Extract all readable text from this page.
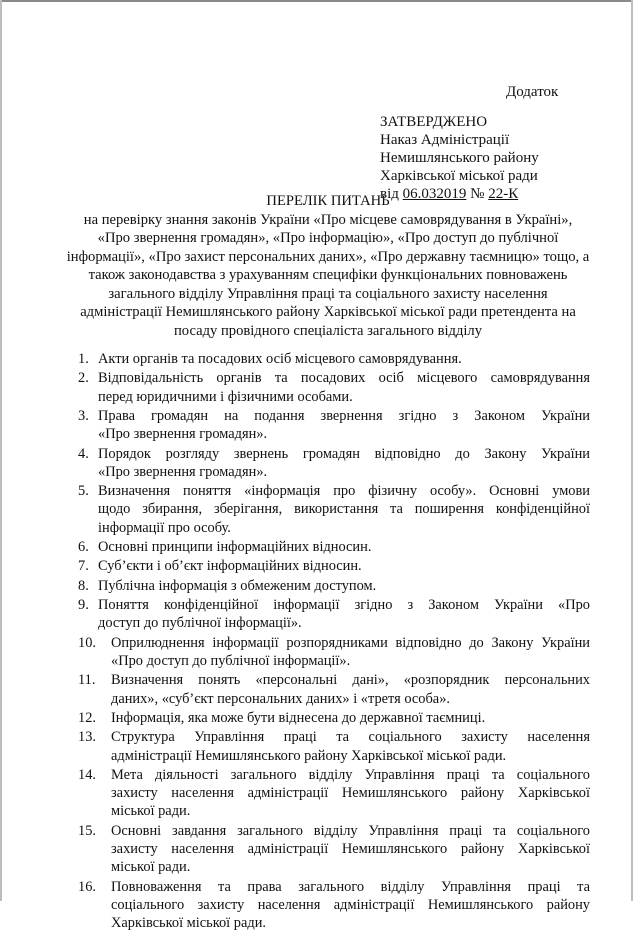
Додаток
ЗАТВЕРДЖЕНО
Наказ Адміністрації
Немишлянського району
Харківської міської ради
від 06.032019 № 22-К
ПЕРЕЛІК ПИТАНЬ
на перевірку знання законів України «Про місцеве самоврядування в Україні»,
«Про звернення громадян», «Про інформацію», «Про доступ до публічної
інформації», «Про захист персональних даних», «Про державну таємницю» тощо, а
також законодавства з урахуванням специфіки функціональних повноважень
загального відділу Управління праці та соціального захисту населення
адміністрації Немишлянського району Харківської міської ради претендента на
посаду провідного спеціаліста загального відділу
1. Акти органів та посадових осіб місцевого самоврядування.
2. Відповідальність органів та посадових осіб місцевого самоврядування
перед юридичними і фізичними особами.
3. Права громадян на подання звернення згідно з Законом України
«Про звернення громадян».
4. Порядок розгляду звернень громадян відповідно до Закону України
«Про звернення громадян».
5. Визначення поняття «інформація про фізичну особу». Основні умови
щодо збирання, зберігання, використання та поширення конфіденційної
інформації про особу.
6. Основні принципи інформаційних відносин.
7. Суб’єкти і об’єкт інформаційних відносин.
8. Публічна інформація з обмеженим доступом.
9. Поняття конфіденційної інформації згідно з Законом України «Про
доступ до публічної інформації».
10.	Оприлюднення інформації розпорядниками відповідно до Закону України
«Про доступ до публічної інформації».
11.	Визначення понять «персональні дані», «розпорядник персональних
даних», «суб’єкт персональних даних» і «третя особа».
12.	Інформація, яка може бути віднесена до державної таємниці.
13.	Структура Управління праці та соціального захисту населення
адміністрації Немишлянського району Харківської міської ради.
14.	Мета діяльності загального відділу Управління праці та соціального
захисту населення адміністрації Немишлянського району Харківської
міської ради.
15.	Основні завдання загального відділу Управління праці та соціального
захисту населення адміністрації Немишлянського району Харківської
міської ради.
16.	Повноваження та права загального відділу Управління праці та
соціального захисту населення адміністрації Немишлянського району
Харківської міської ради.
